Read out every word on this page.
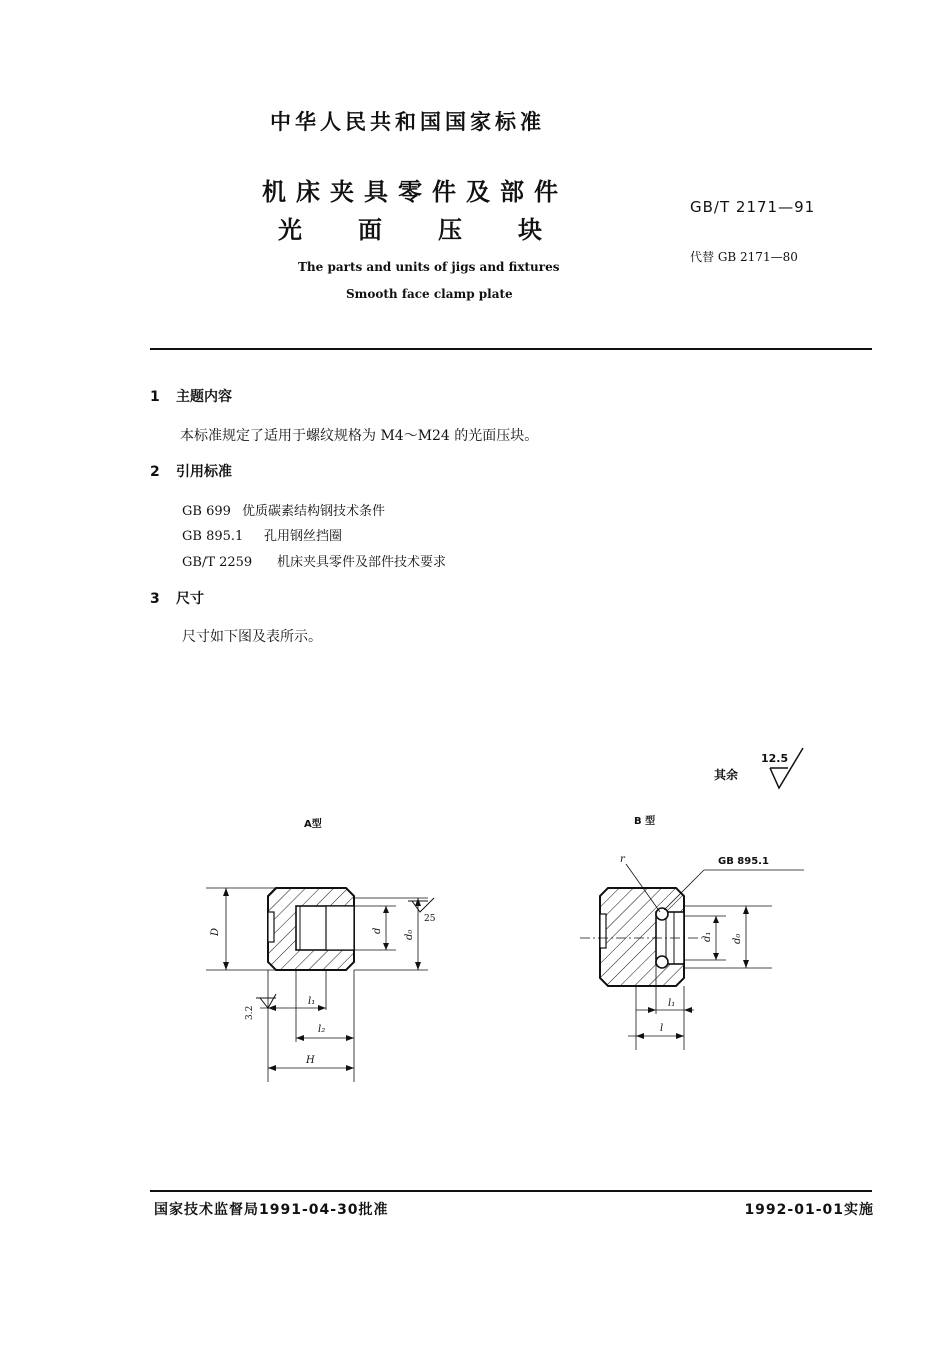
中华人民共和国国家标准
机床夹具零件及部件
光面压块
The parts and units of jigs and fixtures
Smooth face clamp plate
GB/T 2171—91
代替 GB 2171—80
1 主题内容
本标准规定了适用于螺纹规格为 M4～M24 的光面压块。
2 引用标准
GB 699 优质碳素结构钢技术条件
GB 895.1 孔用钢丝挡圈
GB/T 2259 机床夹具零件及部件技术要求
3 尺寸
尺寸如下图及表所示。
其余
12.5
A型	B 型
D	d d₀
25
3.2
l₁
l₂
H
r	GB 895.1
d₁ d₀
l₁
l
国家技术监督局1991-04-30批准	1992-01-01实施
